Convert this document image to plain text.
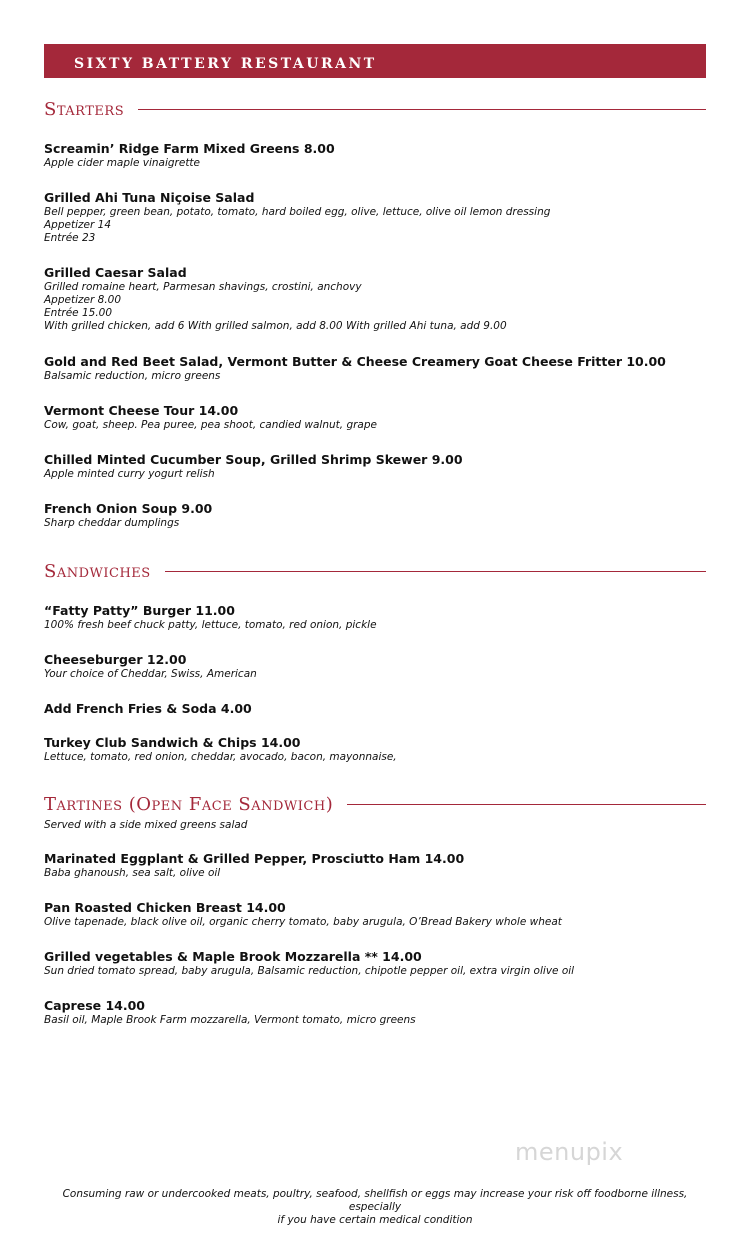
SIXTY BATTERY RESTAURANT
Starters
Screamin’ Ridge Farm Mixed Greens 8.00
Apple cider maple vinaigrette
Grilled Ahi Tuna Niçoise Salad
Bell pepper, green bean, potato, tomato, hard boiled egg, olive, lettuce, olive oil lemon dressing
Appetizer 14
Entrée 23
Grilled Caesar Salad
Grilled romaine heart, Parmesan shavings, crostini, anchovy
Appetizer 8.00
Entrée 15.00
With grilled chicken, add 6 With grilled salmon, add 8.00 With grilled Ahi tuna, add 9.00
Gold and Red Beet Salad, Vermont Butter & Cheese Creamery Goat Cheese Fritter 10.00
Balsamic reduction, micro greens
Vermont Cheese Tour 14.00
Cow, goat, sheep. Pea puree, pea shoot, candied walnut, grape
Chilled Minted Cucumber Soup, Grilled Shrimp Skewer 9.00
Apple minted curry yogurt relish
French Onion Soup 9.00
Sharp cheddar dumplings
Sandwiches
“Fatty Patty” Burger 11.00
100% fresh beef chuck patty, lettuce, tomato, red onion, pickle
Cheeseburger 12.00
Your choice of Cheddar, Swiss, American
Add French Fries & Soda 4.00
Turkey Club Sandwich & Chips 14.00
Lettuce, tomato, red onion, cheddar, avocado, bacon, mayonnaise,
Tartines (Open Face Sandwich)
Served with a side mixed greens salad
Marinated Eggplant & Grilled Pepper, Prosciutto Ham 14.00
Baba ghanoush, sea salt, olive oil
Pan Roasted Chicken Breast 14.00
Olive tapenade, black olive oil, organic cherry tomato, baby arugula, O’Bread Bakery whole wheat
Grilled vegetables & Maple Brook Mozzarella ** 14.00
Sun dried tomato spread, baby arugula, Balsamic reduction, chipotle pepper oil, extra virgin olive oil
Caprese 14.00
Basil oil, Maple Brook Farm mozzarella, Vermont tomato, micro greens
menupix
Consuming raw or undercooked meats, poultry, seafood, shellfish or eggs may increase your risk off foodborne illness, especially
if you have certain medical condition
